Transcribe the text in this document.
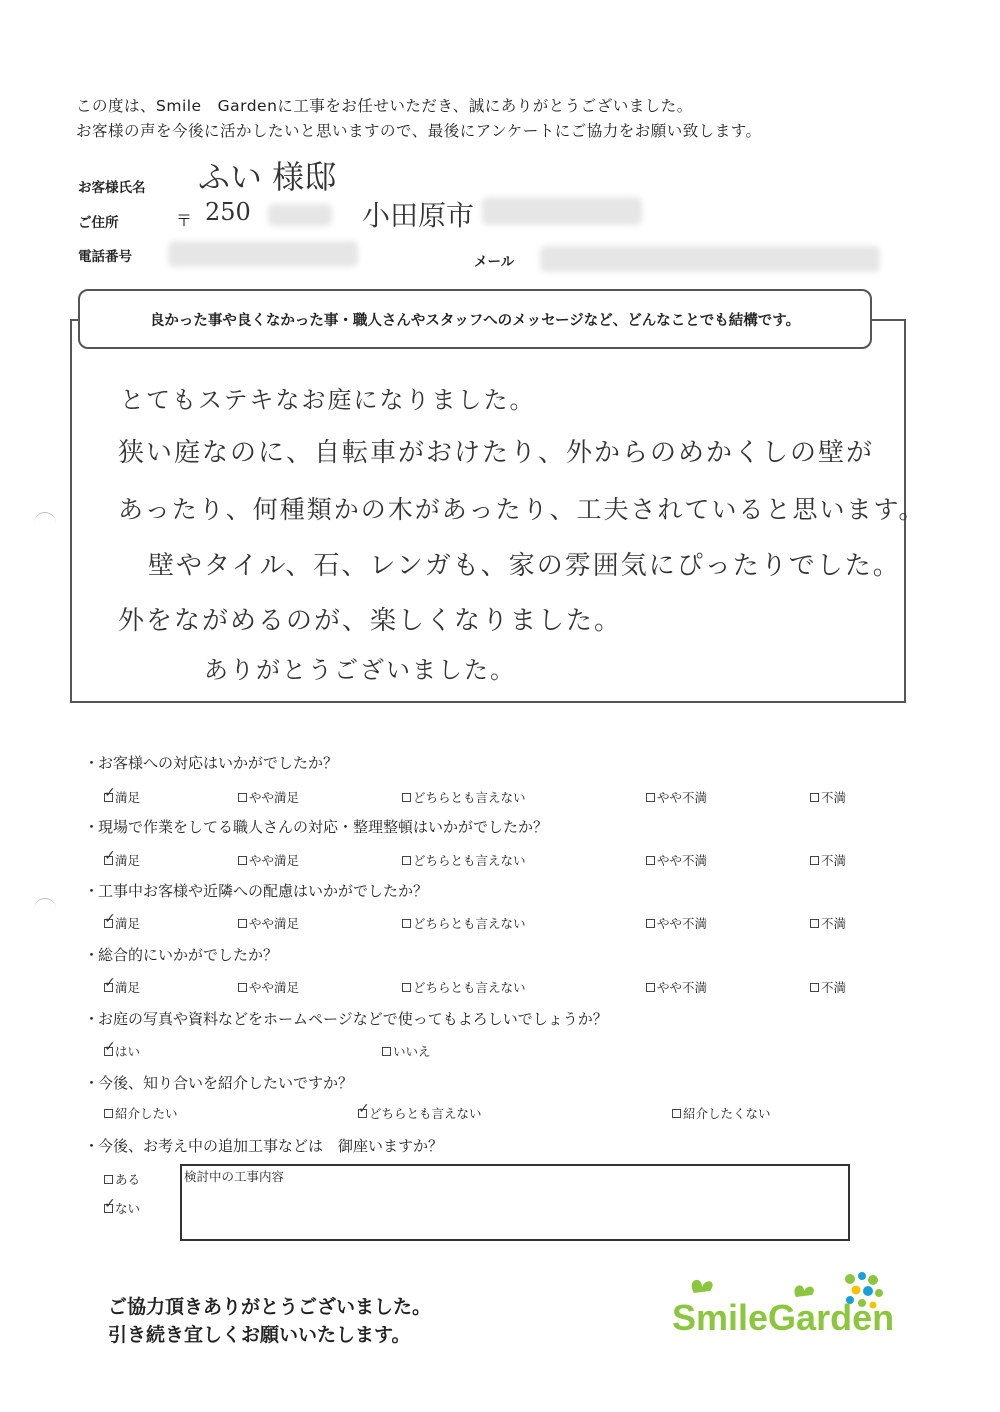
この度は、Smile　Gardenに工事をお任せいただき、誠にありがとうございました。
お客様の声を今後に活かしたいと思いますので、最後にアンケートにご協力をお願い致します。
お客様氏名 ふい 様邸
ご住所	〒 250	小田原市
電話番号	メール
良かった事や良くなかった事・職人さんやスタッフへのメッセージなど、どんなことでも結構です。
とてもステキなお庭になりました。
狭い庭なのに、自転車がおけたり、外からのめかくしの壁が
あったり、何種類かの木があったり、工夫されていると思います。
壁やタイル、石、レンガも、家の雰囲気にぴったりでした。
外をながめるのが、楽しくなりました。
ありがとうございました。
・お客様への対応はいかがでしたか？
✓
満足	やや満足	どちらとも言えない	やや不満	不満
・現場で作業をしてる職人さんの対応・整理整頓はいかがでしたか？
✓
満足	やや満足	どちらとも言えない	やや不満	不満
・工事中お客様や近隣への配慮はいかがでしたか？
✓
満足	やや満足	どちらとも言えない	やや不満	不満
・総合的にいかがでしたか？
✓
満足	やや満足	どちらとも言えない	やや不満	不満
・お庭の写真や資料などをホームページなどで使ってもよろしいでしょうか？
✓
はい	いいえ
・今後、知り合いを紹介したいですか？
紹介したい
✓	どちらとも言えない	紹介したくない
・今後、お考え中の追加工事などは　御座いますか？
ある
✓
ない
検討中の工事内容
ご協力頂きありがとうございました。
引き続き宜しくお願いいたします。	SmileGarden
